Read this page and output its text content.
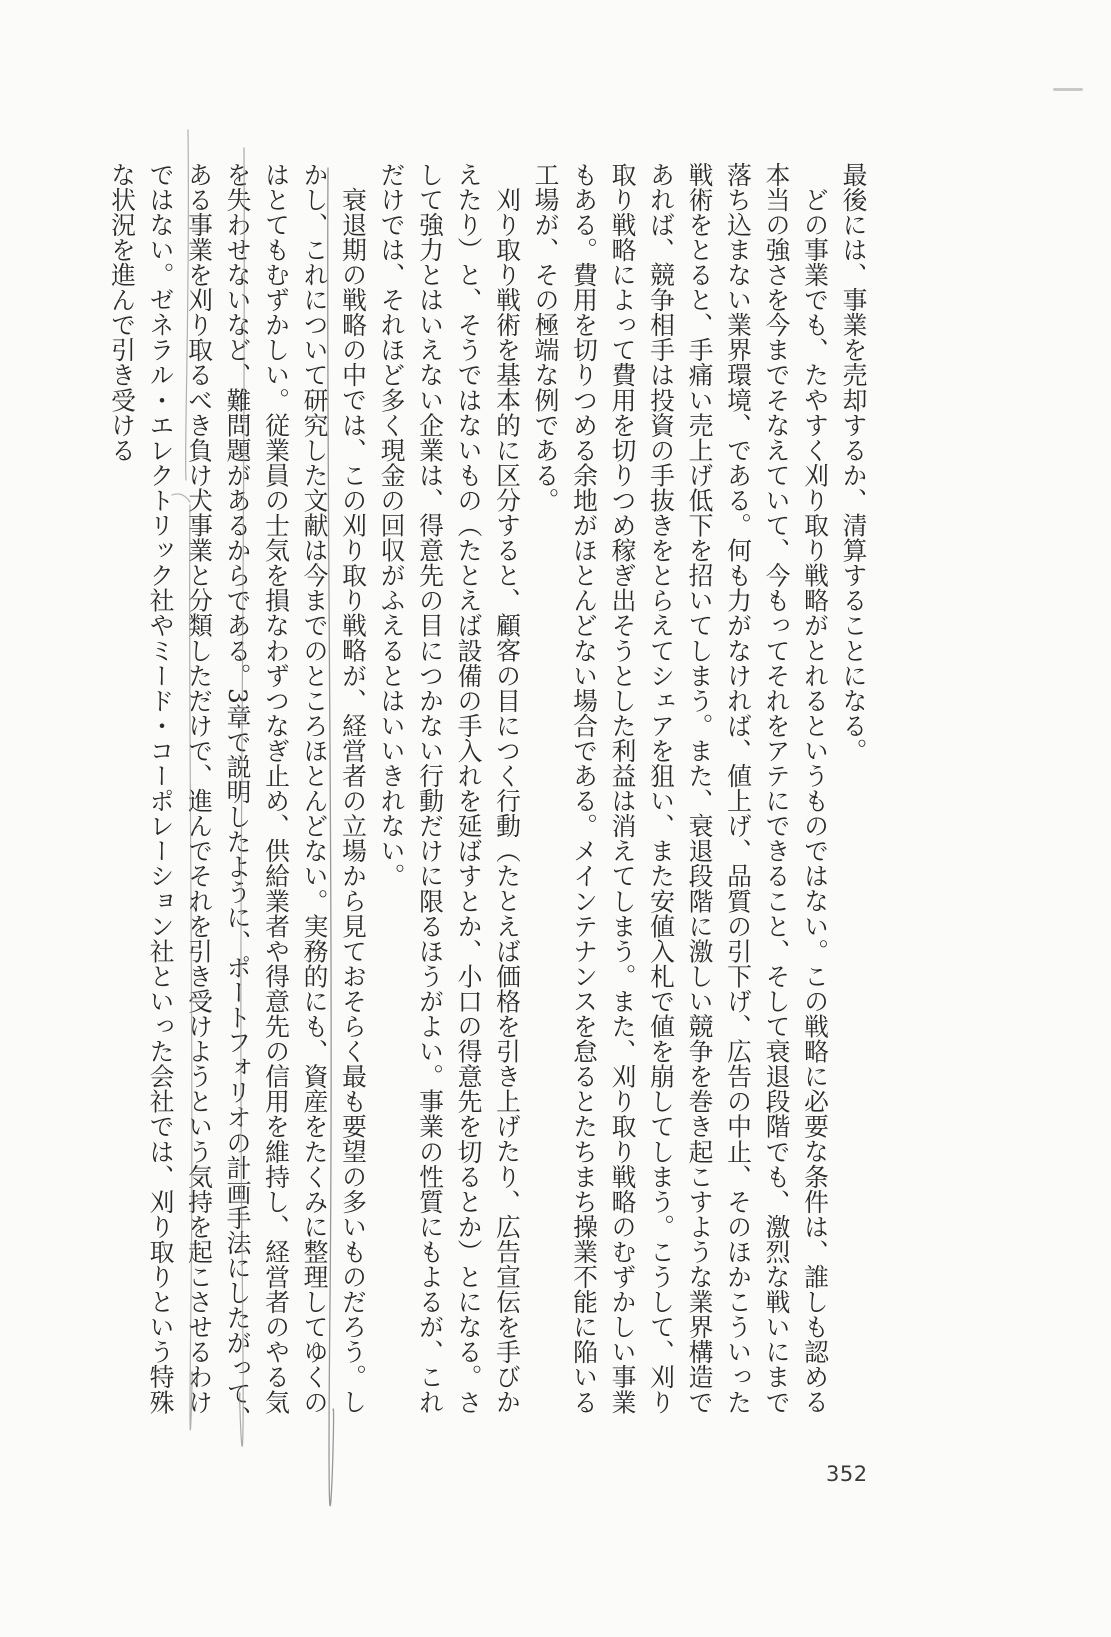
最後には、事業を売却するか、清算することになる。

どの事業でも、たやすく刈り取り戦略がとれるというものではない。この戦略に必要な条件は、誰しも認める本当の強さを今までそなえていて、今もってそれをアテにできること、そして衰退段階でも、激烈な戦いにまで落ち込まない業界環境、である。何も力がなければ、値上げ、品質の引下げ、広告の中止、そのほかこういった戦術をとると、手痛い売上げ低下を招いてしまう。また、衰退段階に激しい競争を巻き起こすような業界構造であれば、競争相手は投資の手抜きをとらえてシェアを狙い、また安値入札で値を崩してしまう。こうして、刈り取り戦略によって費用を切りつめ稼ぎ出そうとした利益は消えてしまう。また、刈り取り戦略のむずかしい事業もある。費用を切りつめる余地がほとんどない場合である。メインテナンスを怠るとたちまち操業不能に陥いる工場が、その極端な例である。

刈り取り戦術を基本的に区分すると、顧客の目につく行動（たとえば価格を引き上げたり、広告宣伝を手びかえたり）と、そうではないもの（たとえば設備の手入れを延ばすとか、小口の得意先を切るとか）とになる。さして強力とはいえない企業は、得意先の目につかない行動だけに限るほうがよい。事業の性質にもよるが、これだけでは、それほど多く現金の回収がふえるとはいいきれない。

衰退期の戦略の中では、この刈り取り戦略が、経営者の立場から見ておそらく最も要望の多いものだろう。しかし、これについて研究した文献は今までのところほとんどない。実務的にも、資産をたくみに整理してゆくのはとてもむずかしい。従業員の士気を損なわずつなぎ止め、供給業者や得意先の信用を維持し、経営者のやる気を失わせないなど、難問題があるからである。3章で説明したように、ポートフォリオの計画手法にしたがって、ある事業を刈り取るべき負け犬事業と分類しただけで、進んでそれを引き受けようという気持を起こさせるわけではない。ゼネラル・エレクトリック社やミード・コーポレーション社といった会社では、刈り取りという特殊な状況を進んで引き受ける

352
